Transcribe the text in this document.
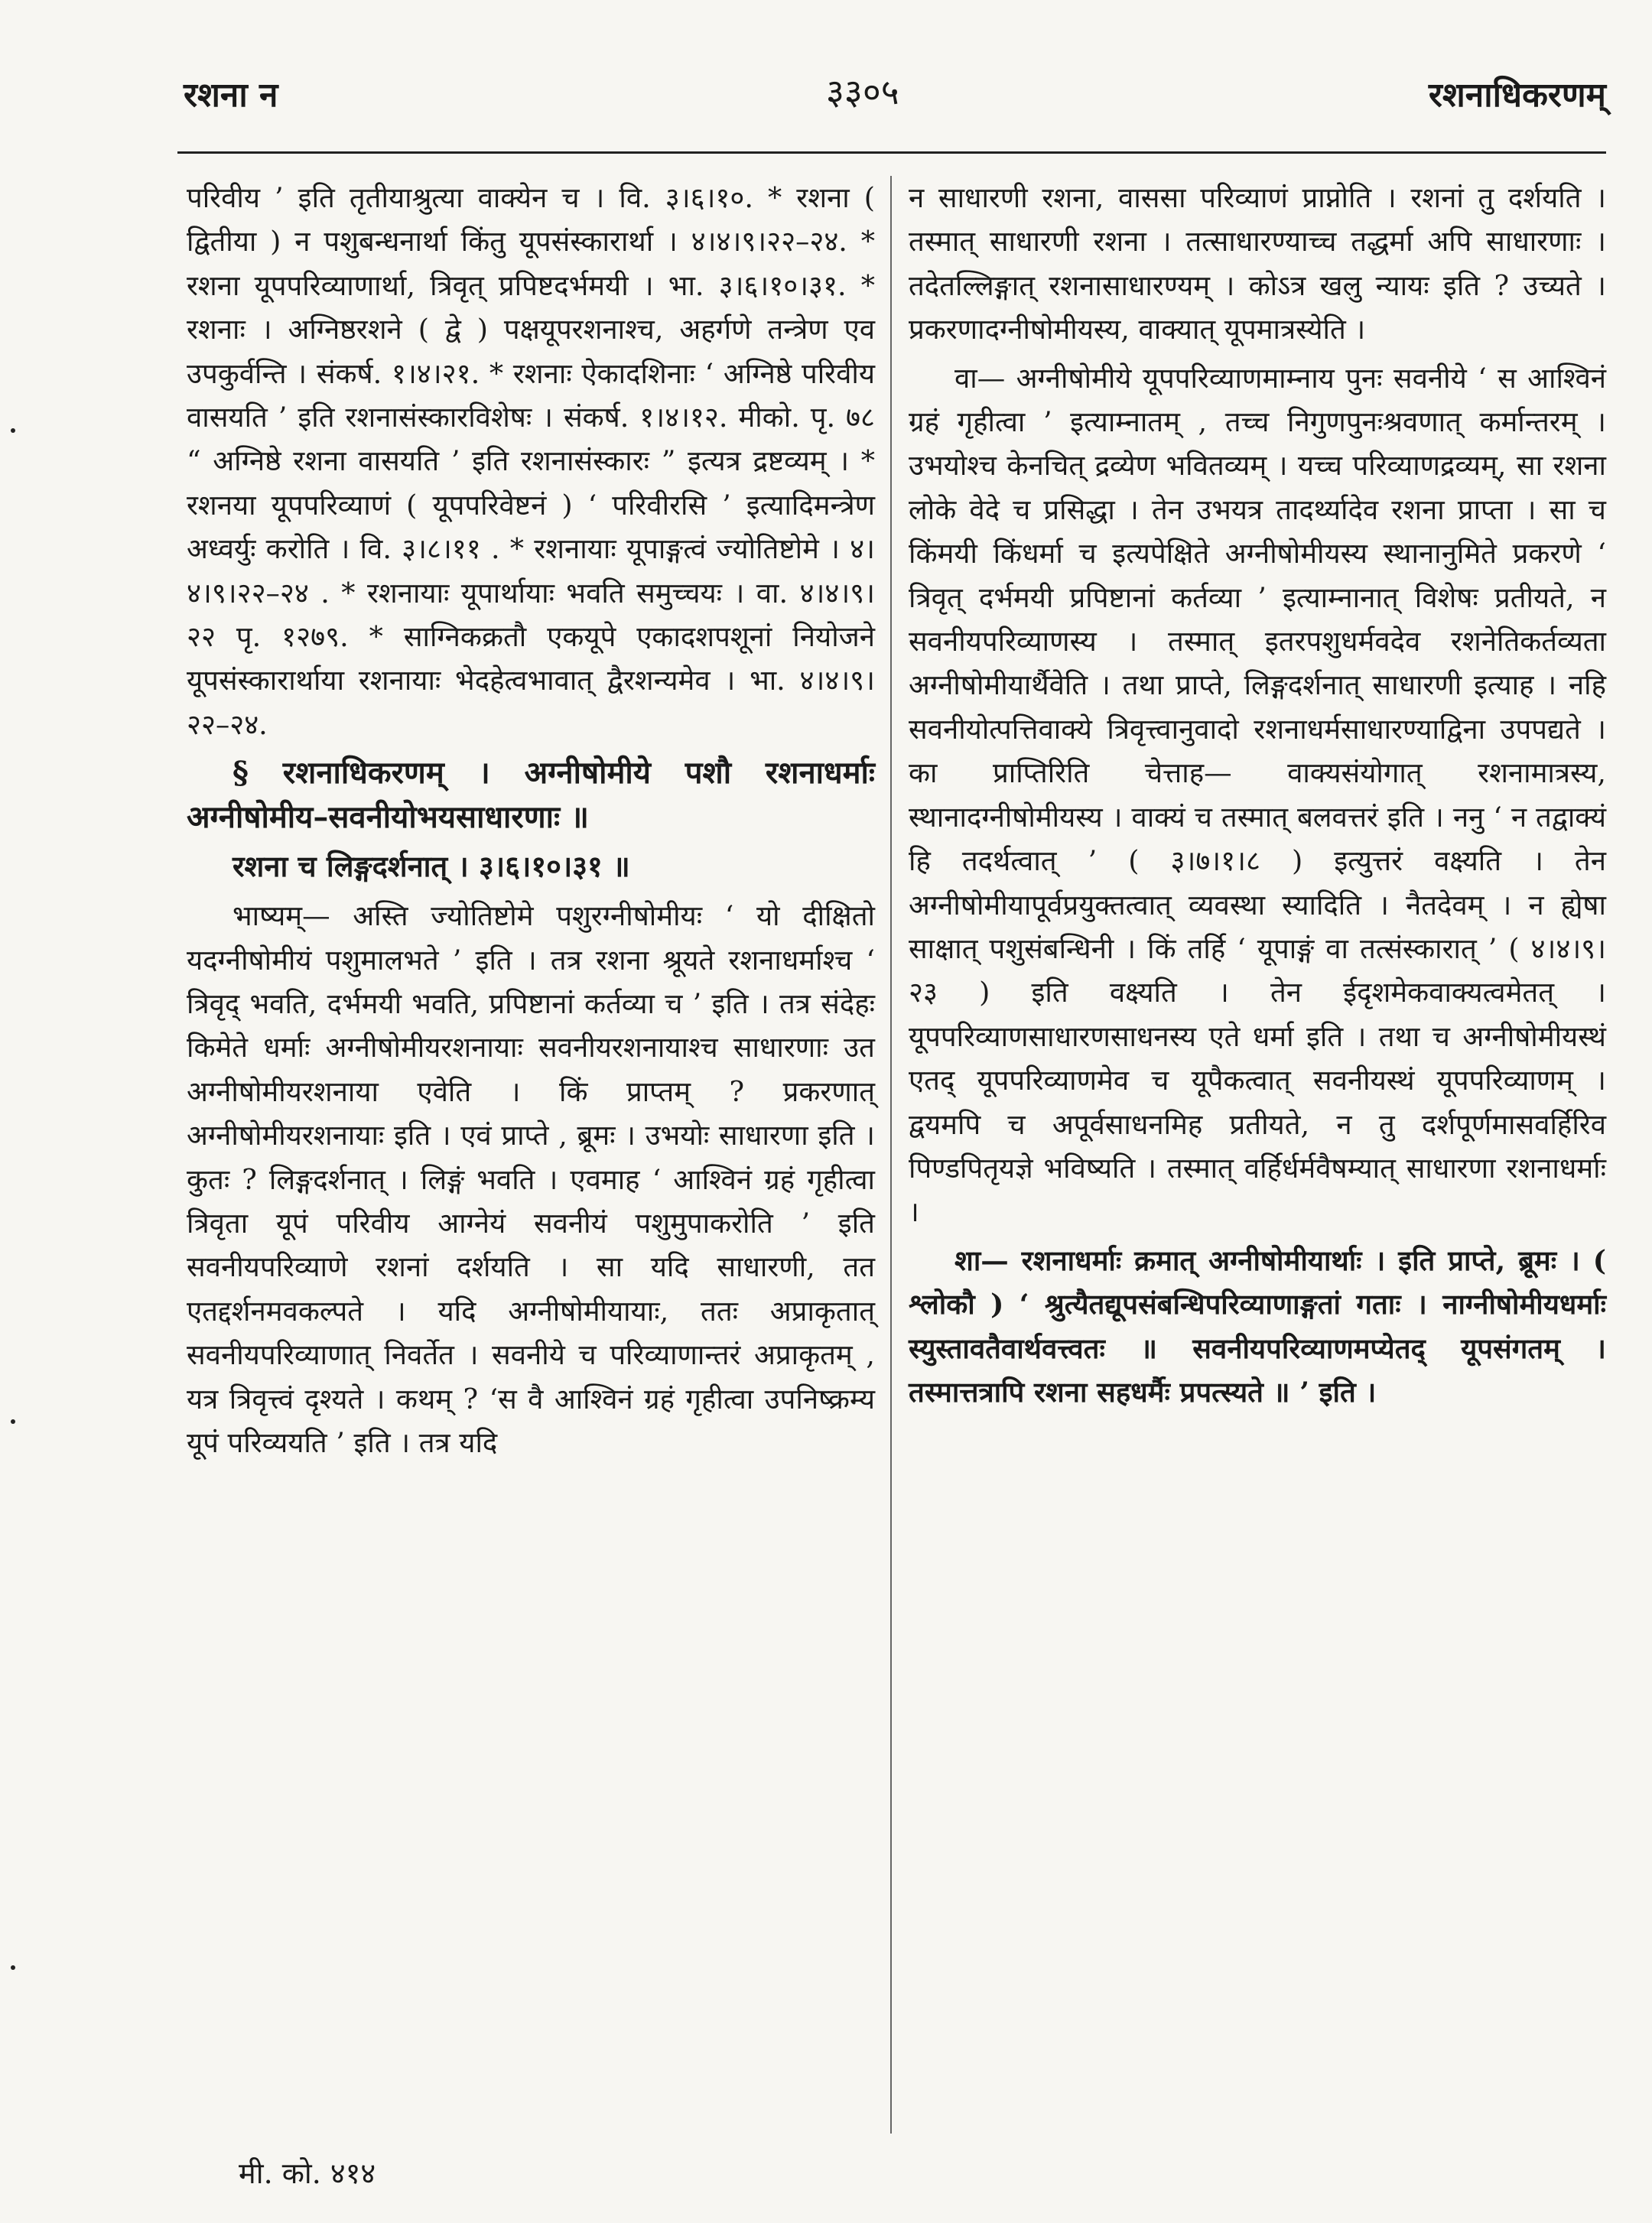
रशना न	३३०५	रशनाधिकरणम्

परिवीय ’ इति तृतीयाश्रुत्या वाक्येन च । वि. ३।६।१०. * रशना ( द्वितीया ) न पशुबन्धनार्था किंतु यूपसंस्कारार्था । ४।४।९।२२–२४. * रशना यूपपरिव्याणार्था, त्रिवृत् प्रपिष्टदर्भमयी । भा. ३।६।१०।३१. * रशनाः । अग्निष्ठरशने ( द्वे ) पक्षयूपरशनाश्च, अहर्गणे तन्त्रेण एव उपकुर्वन्ति । संकर्ष. १।४।२१. * रशनाः ऐकादशिनाः ‘ अग्निष्ठे परिवीय वासयति ’ इति रशनासंस्कारविशेषः । संकर्ष. १।४।१२. मीको. पृ. ७८ “ अग्निष्ठे रशना वासयति ’ इति रशनासंस्कारः ” इत्यत्र द्रष्टव्यम् । * रशनया यूपपरिव्याणं ( यूपपरिवेष्टनं ) ‘ परिवीरसि ’ इत्यादिमन्त्रेण अध्वर्युः करोति । वि. ३।८।११ . * रशनायाः यूपाङ्गत्वं ज्योतिष्टोमे । ४।४।९।२२–२४ . * रशनायाः यूपार्थायाः भवति समुच्चयः । वा. ४।४।९।२२ पृ. १२७९. * साग्निकक्रतौ एकयूपे एकादशपशूनां नियोजने यूपसंस्कारार्थाया रशनायाः भेदहेत्वभावात् द्वैरशन्यमेव । भा. ४।४।९। २२–२४.

§ रशनाधिकरणम् । अग्नीषोमीये पशौ रशनाधर्माः अग्नीषोमीय–सवनीयोभयसाधारणाः ॥

रशना च लिङ्गदर्शनात् । ३।६।१०।३१ ॥

भाष्यम्— अस्ति ज्योतिष्टोमे पशुरग्नीषोमीयः ‘ यो दीक्षितो यदग्नीषोमीयं पशुमालभते ’ इति । तत्र रशना श्रूयते रशनाधर्माश्च ‘ त्रिवृद् भवति, दर्भमयी भवति, प्रपिष्टानां कर्तव्या च ’ इति । तत्र संदेहः किमेते धर्माः अग्नीषोमीयरशनायाः सवनीयरशनायाश्च साधारणाः उत अग्नीषोमीयरशनाया एवेति । किं प्राप्तम् ? प्रकरणात् अग्नीषोमीयरशनायाः इति । एवं प्राप्ते , ब्रूमः । उभयोः साधारणा इति । कुतः ? लिङ्गदर्शनात् । लिङ्गं भवति । एवमाह ‘ आश्विनं ग्रहं गृहीत्वा त्रिवृता यूपं परिवीय आग्नेयं सवनीयं पशुमुपाकरोति ’ इति सवनीयपरिव्याणे रशनां दर्शयति । सा यदि साधारणी, तत एतद्दर्शनमवकल्पते । यदि अग्नीषोमीयायाः, ततः अप्राकृतात् सवनीयपरिव्याणात् निवर्तेत । सवनीये च परिव्याणान्तरं अप्राकृतम् , यत्र त्रिवृत्त्वं दृश्यते । कथम् ? ‘स वै आश्विनं ग्रहं गृहीत्वा उपनिष्क्रम्य यूपं परिव्ययति ’ इति । तत्र यदि

न साधारणी रशना, वाससा परिव्याणं प्राप्नोति । रशनां तु दर्शयति । तस्मात् साधारणी रशना । तत्साधारण्याच्च तद्धर्मा अपि साधारणाः । तदेतल्लिङ्गात् रशनासाधारण्यम् । कोऽत्र खलु न्यायः इति ? उच्यते । प्रकरणादग्नीषोमीयस्य, वाक्यात् यूपमात्रस्येति ।

वा— अग्नीषोमीये यूपपरिव्याणमाम्नाय पुनः सवनीये ‘ स आश्विनं ग्रहं गृहीत्वा ’ इत्याम्नातम् , तच्च निगुणपुनःश्रवणात् कर्मान्तरम् । उभयोश्च केनचित् द्रव्येण भवितव्यम् । यच्च परिव्याणद्रव्यम्, सा रशना लोके वेदे च प्रसिद्धा । तेन उभयत्र तादर्थ्यादेव रशना प्राप्ता । सा च किंमयी किंधर्मा च इत्यपेक्षिते अग्नीषोमीयस्य स्थानानुमिते प्रकरणे ‘ त्रिवृत् दर्भमयी प्रपिष्टानां कर्तव्या ’ इत्याम्नानात् विशेषः प्रतीयते, न सवनीयपरिव्याणस्य । तस्मात् इतरपशुधर्मवदेव रशनेतिकर्तव्यता अग्नीषोमीयार्थैवेति । तथा प्राप्ते, लिङ्गदर्शनात् साधारणी इत्याह । नहि सवनीयोत्पत्तिवाक्ये त्रिवृत्त्वानुवादो रशनाधर्मसाधारण्याद्विना उपपद्यते । का प्राप्तिरिति चेत्ताह— वाक्यसंयोगात् रशनामात्रस्य, स्थानादग्नीषोमीयस्य । वाक्यं च तस्मात् बलवत्तरं इति । ननु ‘ न तद्वाक्यं हि तदर्थत्वात् ’ ( ३।७।१।८ ) इत्युत्तरं वक्ष्यति । तेन अग्नीषोमीयापूर्वप्रयुक्तत्वात् व्यवस्था स्यादिति । नैतदेवम् । न ह्येषा साक्षात् पशुसंबन्धिनी । किं तर्हि ‘ यूपाङ्गं वा तत्संस्कारात् ’ ( ४।४।९।२३ ) इति वक्ष्यति । तेन ईदृशमेकवाक्यत्वमेतत् । यूपपरिव्याणसाधारणसाधनस्य एते धर्मा इति । तथा च अग्नीषोमीयस्थं एतद् यूपपरिव्याणमेव च यूपैकत्वात् सवनीयस्थं यूपपरिव्याणम् । द्वयमपि च अपूर्वसाधनमिह प्रतीयते, न तु दर्शपूर्णमासवर्हिरिव पिण्डपितृयज्ञे भविष्यति । तस्मात् वर्हिर्धर्मवैषम्यात् साधारणा रशनाधर्माः ।

शा— रशनाधर्माः क्रमात् अग्नीषोमीयार्थाः । इति प्राप्ते, ब्रूमः । ( श्लोकौ ) ‘ श्रुत्यैतद्यूपसंबन्धिपरिव्याणाङ्गतां गताः । नाग्नीषोमीयधर्माः स्युस्तावतैवार्थवत्त्वतः ॥ सवनीयपरिव्याणमप्येतद् यूपसंगतम् । तस्मात्तत्रापि रशना सहधर्मैः प्रपत्स्यते ॥ ’ इति ।

मी. को. ४१४
